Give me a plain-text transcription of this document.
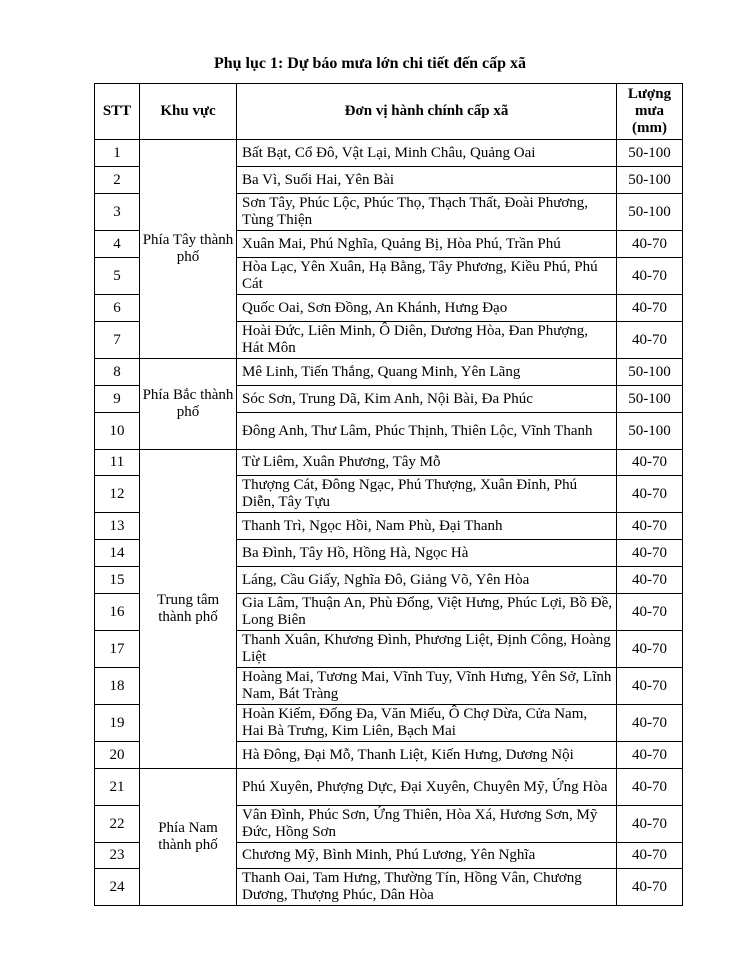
Phụ lục 1: Dự báo mưa lớn chi tiết đến cấp xã
STT	Khu vực	Đơn vị hành chính cấp xã	Lượng mưa (mm)
1	Phía Tây thành phố	Bất Bạt, Cổ Đô, Vật Lại, Minh Châu, Quảng Oai	50-100
2		Ba Vì, Suối Hai, Yên Bài	50-100
3		Sơn Tây, Phúc Lộc, Phúc Thọ, Thạch Thất, Đoài Phương, Tùng Thiện	50-100
4		Xuân Mai, Phú Nghĩa, Quảng Bị, Hòa Phú, Trần Phú	40-70
5		Hòa Lạc, Yên Xuân, Hạ Bằng, Tây Phương, Kiều Phú, Phú Cát	40-70
6		Quốc Oai, Sơn Đồng, An Khánh, Hưng Đạo	40-70
7		Hoài Đức, Liên Minh, Ô Diên, Dương Hòa, Đan Phượng, Hát Môn	40-70
8	Phía Bắc thành phố	Mê Linh, Tiến Thắng, Quang Minh, Yên Lãng	50-100
9		Sóc Sơn, Trung Dã, Kim Anh, Nội Bài, Đa Phúc	50-100
10		Đông Anh, Thư Lâm, Phúc Thịnh, Thiên Lộc, Vĩnh Thanh	50-100
11	Trung tâm thành phố	Từ Liêm, Xuân Phương, Tây Mỗ	40-70
12		Thượng Cát, Đông Ngạc, Phú Thượng, Xuân Đỉnh, Phú Diễn, Tây Tựu	40-70
13		Thanh Trì, Ngọc Hồi, Nam Phù, Đại Thanh	40-70
14		Ba Đình, Tây Hồ, Hồng Hà, Ngọc Hà	40-70
15		Láng, Cầu Giấy, Nghĩa Đô, Giảng Võ, Yên Hòa	40-70
16		Gia Lâm, Thuận An, Phù Đổng, Việt Hưng, Phúc Lợi, Bồ Đề, Long Biên	40-70
17		Thanh Xuân, Khương Đình, Phương Liệt, Định Công, Hoàng Liệt	40-70
18		Hoàng Mai, Tương Mai, Vĩnh Tuy, Vĩnh Hưng, Yên Sở, Lĩnh Nam, Bát Tràng	40-70
19		Hoàn Kiếm, Đống Đa, Văn Miếu, Ô Chợ Dừa, Cửa Nam, Hai Bà Trưng, Kim Liên, Bạch Mai	40-70
20		Hà Đông, Đại Mỗ, Thanh Liệt, Kiến Hưng, Dương Nội	40-70
21	Phía Nam thành phố	Phú Xuyên, Phượng Dực, Đại Xuyên, Chuyên Mỹ, Ứng Hòa	40-70
22		Vân Đình, Phúc Sơn, Ứng Thiên, Hòa Xá, Hương Sơn, Mỹ Đức, Hồng Sơn	40-70
23		Chương Mỹ, Bình Minh, Phú Lương, Yên Nghĩa	40-70
24		Thanh Oai, Tam Hưng, Thường Tín, Hồng Vân, Chương Dương, Thượng Phúc, Dân Hòa	40-70
